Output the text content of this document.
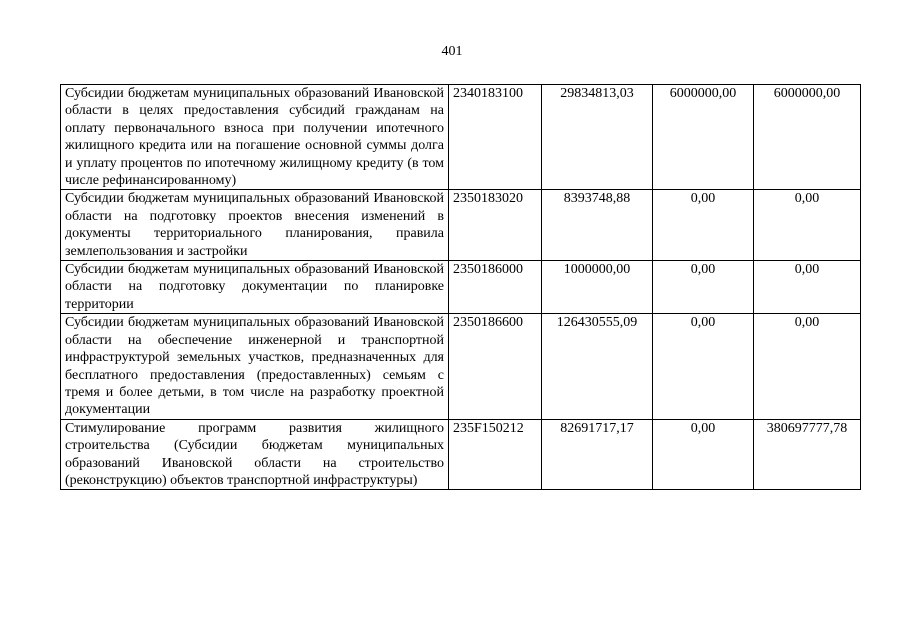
401
Субсидии бюджетам муниципальных образований Ивановской области в целях предоставления субсидий гражданам на оплату первоначального взноса при получении ипотечного жилищного кредита или на погашение основной суммы долга и уплату процентов по ипотечному жилищному кредиту (в том числе рефинансированному)	2340183100	29834813,03	6000000,00	6000000,00

Субсидии бюджетам муниципальных образований Ивановской области на подготовку проектов внесения изменений в документы территориального планирования, правила землепользования и застройки	2350183020	8393748,88	0,00	0,00

Субсидии бюджетам муниципальных образований Ивановской области на подготовку документации по планировке территории	2350186000	1000000,00	0,00	0,00

Субсидии бюджетам муниципальных образований Ивановской области на обеспечение инженерной и транспортной инфраструктурой земельных участков, предназначенных для бесплатного предоставления (предоставленных) семьям с тремя и более детьми, в том числе на разработку проектной документации	2350186600	126430555,09	0,00	0,00

Стимулирование программ развития жилищного строительства (Субсидии бюджетам муниципальных образований Ивановской области на строительство (реконструкцию) объектов транспортной инфраструктуры)	235F150212	82691717,17	0,00	380697777,78
